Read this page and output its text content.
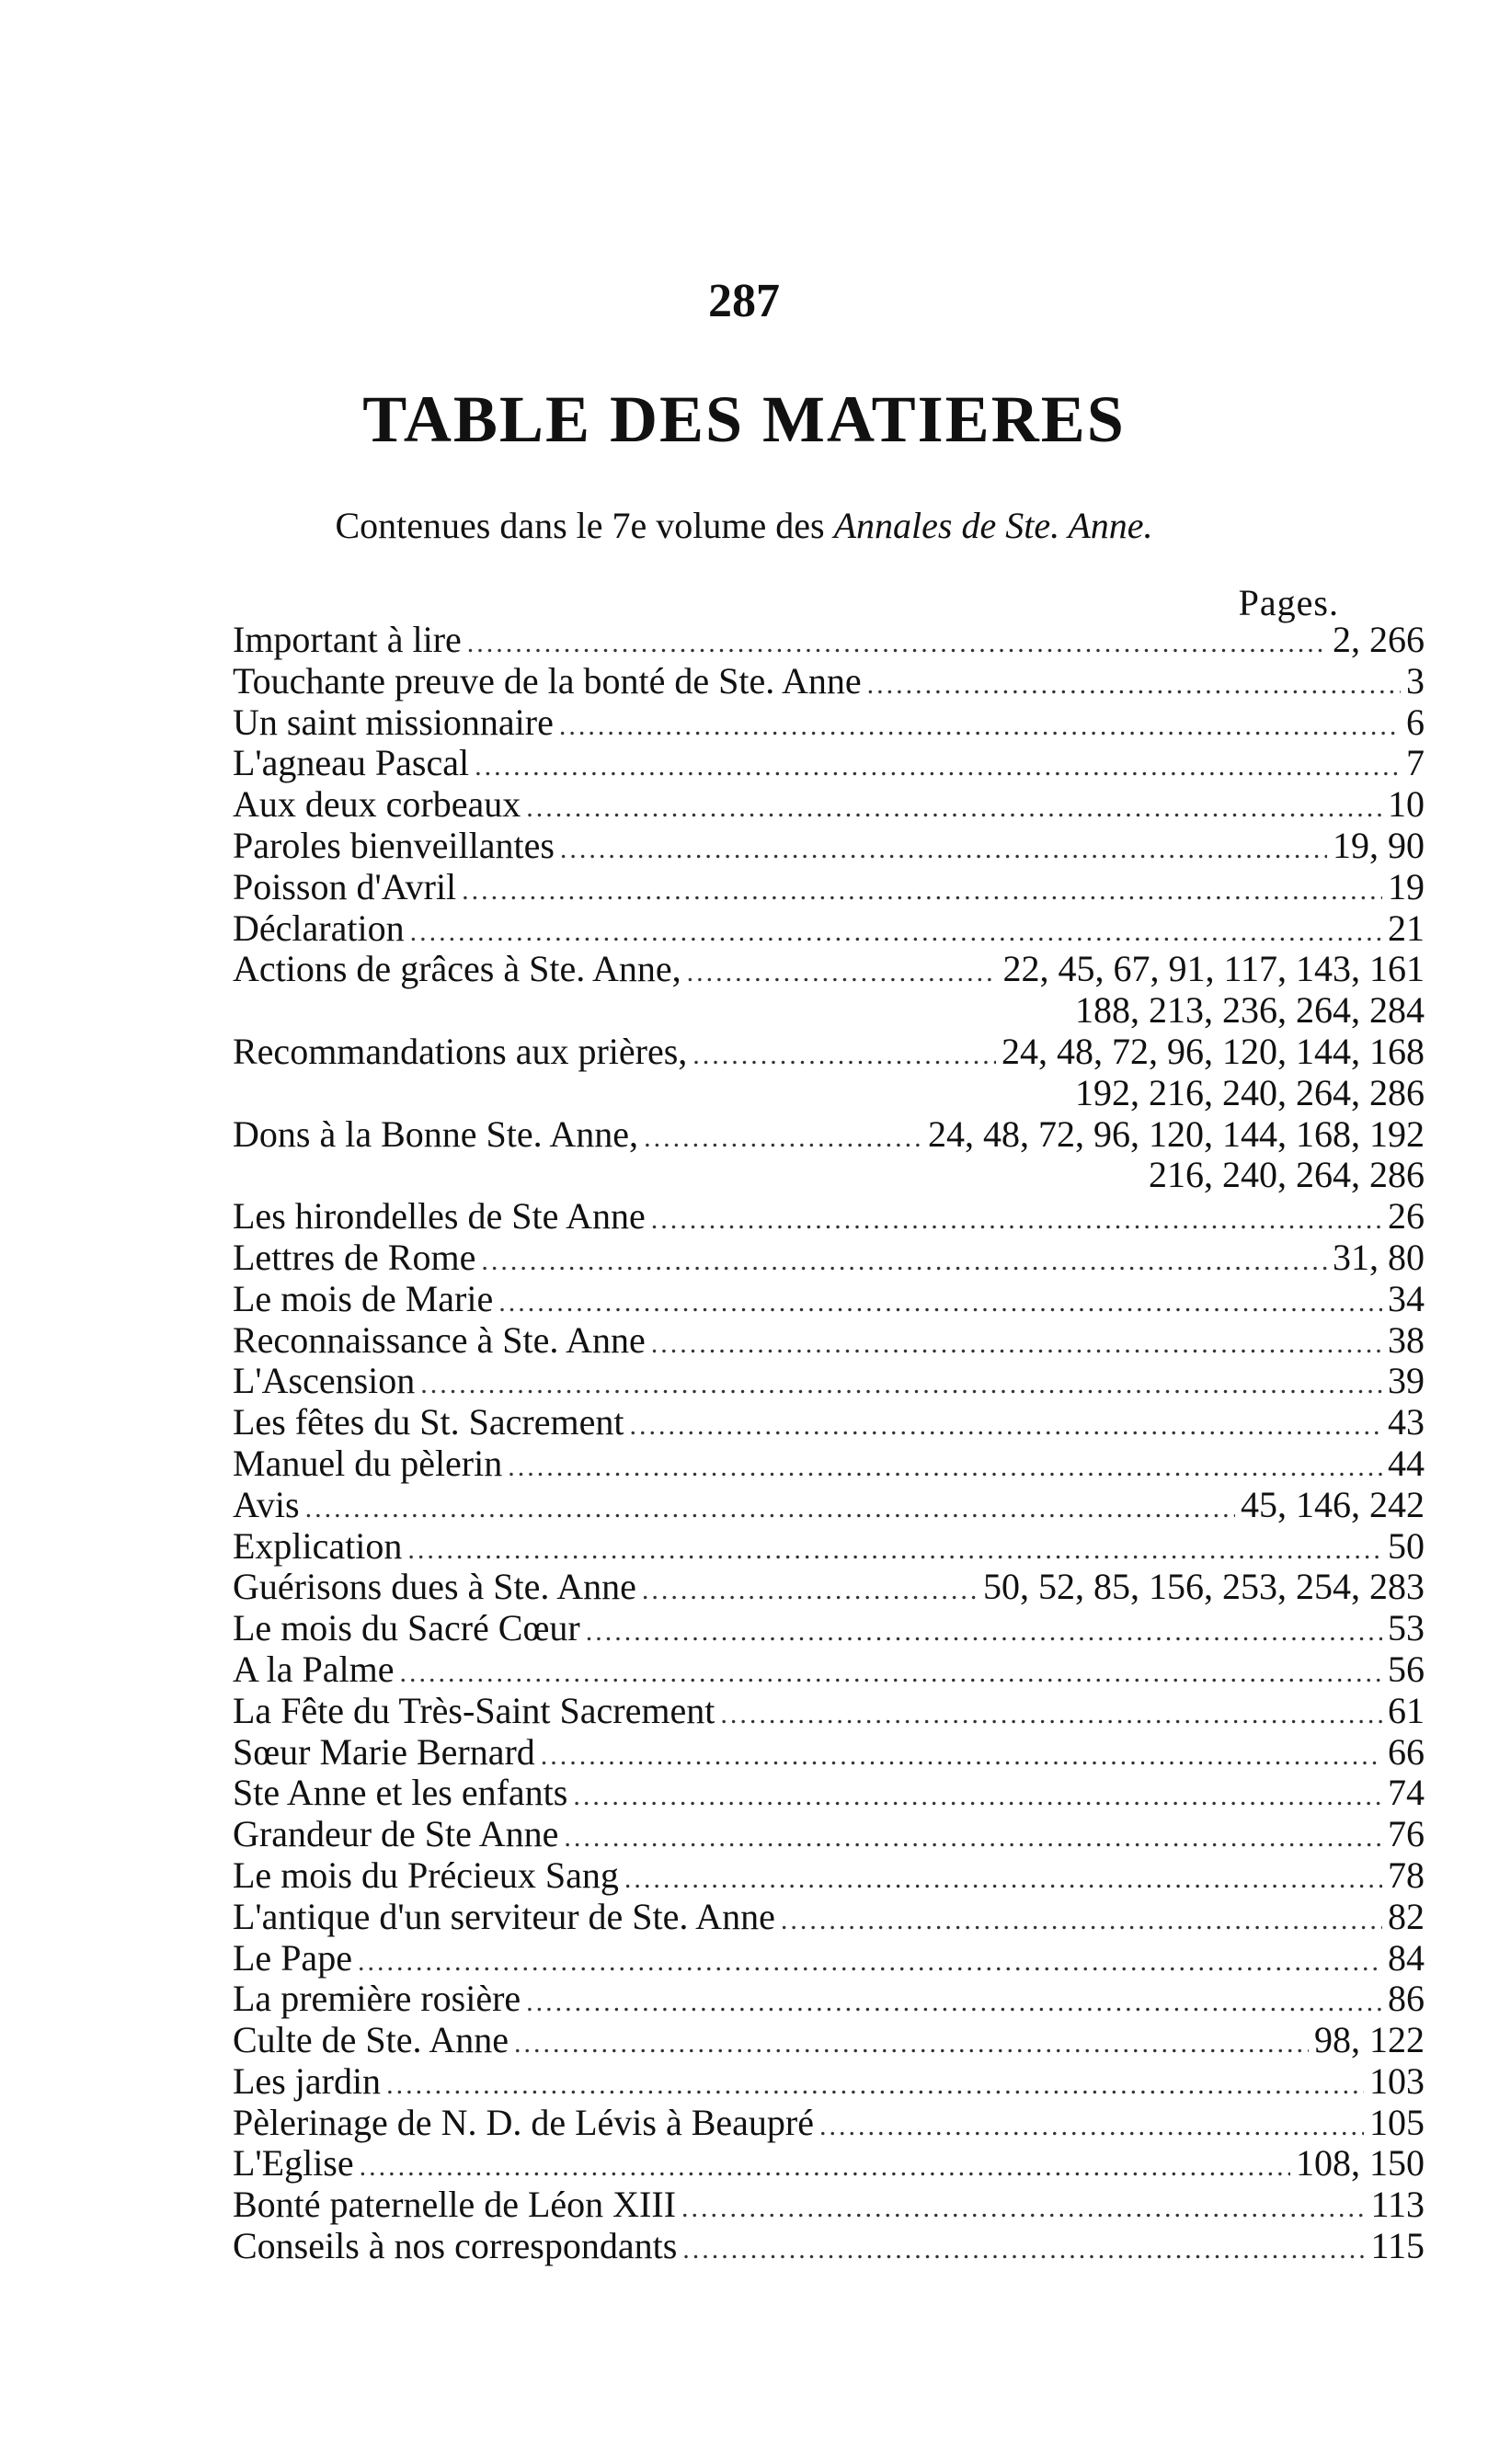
287
TABLE DES MATIERES
Contenues dans le 7e volume des Annales de Ste. Anne.
Pages.
Important à lire .....	2, 266
Touchante preuve de la bonté de Ste. Anne .....	3
Un saint missionnaire .....	6
L'agneau Pascal .....	7
Aux deux corbeaux .....	10
Paroles bienveillantes .....	19, 90
Poisson d'Avril .....	19
Déclaration .....	21
Actions de grâces à Ste. Anne, .....	22, 45, 67, 91, 117, 143, 161
188, 213, 236, 264, 284
Recommandations aux prières, .....	24, 48, 72, 96, 120, 144, 168
192, 216, 240, 264, 286
Dons à la Bonne Ste. Anne, .....	24, 48, 72, 96, 120, 144, 168, 192
216, 240, 264, 286
Les hirondelles de Ste Anne .....	26
Lettres de Rome .....	31, 80
Le mois de Marie .....	34
Reconnaissance à Ste. Anne .....	38
L'Ascension .....	39
Les fêtes du St. Sacrement .....	43
Manuel du pèlerin .....	44
Avis .....	45, 146, 242
Explication .....	50
Guérisons dues à Ste. Anne .....	50, 52, 85, 156, 253, 254, 283
Le mois du Sacré Cœur .....	53
A la Palme .....	56
La Fête du Très-Saint Sacrement .....	61
Sœur Marie Bernard .....	66
Ste Anne et les enfants .....	74
Grandeur de Ste Anne .....	76
Le mois du Précieux Sang .....	78
L'antique d'un serviteur de Ste. Anne .....	82
Le Pape .....	84
La première rosière .....	86
Culte de Ste. Anne .....	98, 122
Les jardin .....	103
Pèlerinage de N. D. de Lévis à Beaupré .....	105
L'Eglise .....	108, 150
Bonté paternelle de Léon XIII .....	113
Conseils à nos correspondants .....	115
